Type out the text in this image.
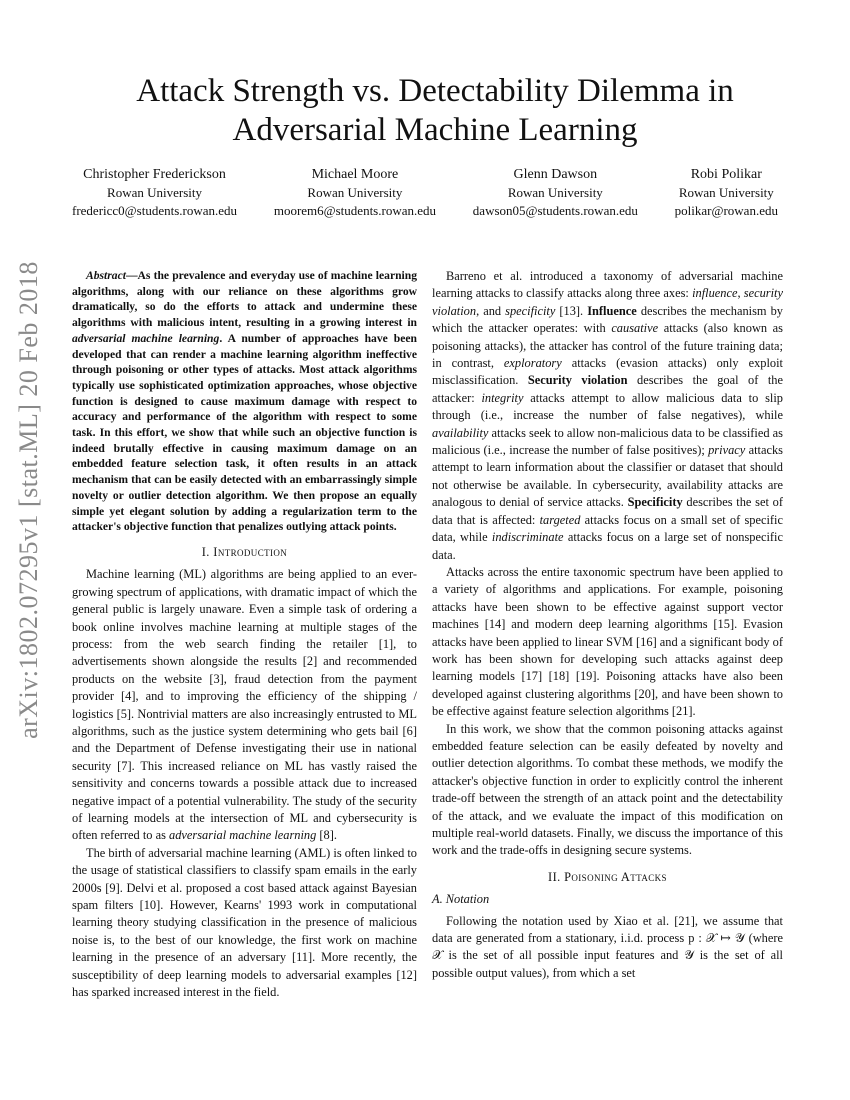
arXiv:1802.07295v1 [stat.ML] 20 Feb 2018
Attack Strength vs. Detectability Dilemma in Adversarial Machine Learning
Christopher Frederickson
Rowan University
fredericc0@students.rowan.edu
Michael Moore
Rowan University
moorem6@students.rowan.edu
Glenn Dawson
Rowan University
dawson05@students.rowan.edu
Robi Polikar
Rowan University
polikar@rowan.edu

Abstract—As the prevalence and everyday use of machine learning algorithms, along with our reliance on these algorithms grow dramatically, so do the efforts to attack and undermine these algorithms with malicious intent, resulting in a growing interest in adversarial machine learning. A number of approaches have been developed that can render a machine learning algorithm ineffective through poisoning or other types of attacks. Most attack algorithms typically use sophisticated optimization approaches, whose objective function is designed to cause maximum damage with respect to accuracy and performance of the algorithm with respect to some task. In this effort, we show that while such an objective function is indeed brutally effective in causing maximum damage on an embedded feature selection task, it often results in an attack mechanism that can be easily detected with an embarrassingly simple novelty or outlier detection algorithm. We then propose an equally simple yet elegant solution by adding a regularization term to the attacker's objective function that penalizes outlying attack points.

I. Introduction

Machine learning (ML) algorithms are being applied to an ever-growing spectrum of applications, with dramatic impact of which the general public is largely unaware. Even a simple task of ordering a book online involves machine learning at multiple stages of the process: from the web search finding the retailer [1], to advertisements shown alongside the results [2] and recommended products on the website [3], fraud detection from the payment provider [4], and to improving the efficiency of the shipping / logistics [5]. Nontrivial matters are also increasingly entrusted to ML algorithms, such as the justice system determining who gets bail [6] and the Department of Defense investigating their use in national security [7]. This increased reliance on ML has vastly raised the sensitivity and concerns towards a possible attack due to increased negative impact of a potential vulnerability. The study of the security of learning models at the intersection of ML and cybersecurity is often referred to as adversarial machine learning [8].

The birth of adversarial machine learning (AML) is often linked to the usage of statistical classifiers to classify spam emails in the early 2000s [9]. Delvi et al. proposed a cost based attack against Bayesian spam filters [10]. However, Kearns' 1993 work in computational learning theory studying classification in the presence of malicious noise is, to the best of our knowledge, the first work on machine learning in the presence of an adversary [11]. More recently, the susceptibility of deep learning models to adversarial examples [12] has sparked increased interest in the field.

Barreno et al. introduced a taxonomy of adversarial machine learning attacks to classify attacks along three axes: influence, security violation, and specificity [13]. Influence describes the mechanism by which the attacker operates: with causative attacks (also known as poisoning attacks), the attacker has control of the future training data; in contrast, exploratory attacks (evasion attacks) only exploit misclassification. Security violation describes the goal of the attacker: integrity attacks attempt to allow malicious data to slip through (i.e., increase the number of false negatives), while availability attacks seek to allow non-malicious data to be classified as malicious (i.e., increase the number of false positives); privacy attacks attempt to learn information about the classifier or dataset that should not otherwise be available. In cybersecurity, availability attacks are analogous to denial of service attacks. Specificity describes the set of data that is affected: targeted attacks focus on a small set of specific data, while indiscriminate attacks focus on a large set of nonspecific data.

Attacks across the entire taxonomic spectrum have been applied to a variety of algorithms and applications. For example, poisoning attacks have been shown to be effective against support vector machines [14] and modern deep learning algorithms [15]. Evasion attacks have been applied to linear SVM [16] and a significant body of work has been shown for developing such attacks against deep learning models [17] [18] [19]. Poisoning attacks have also been developed against clustering algorithms [20], and have been shown to be effective against feature selection algorithms [21].

In this work, we show that the common poisoning attacks against embedded feature selection can be easily defeated by novelty and outlier detection algorithms. To combat these methods, we modify the attacker's objective function in order to explicitly control the inherent trade-off between the strength of an attack point and the detectability of the attack, and we evaluate the impact of this modification on multiple real-world datasets. Finally, we discuss the importance of this work and the trade-offs in designing secure systems.

II. Poisoning Attacks
A. Notation

Following the notation used by Xiao et al. [21], we assume that data are generated from a stationary, i.i.d. process p : 𝒳 ↦ 𝒴 (where 𝒳 is the set of all possible input features and 𝒴 is the set of all possible output values), from which a set
